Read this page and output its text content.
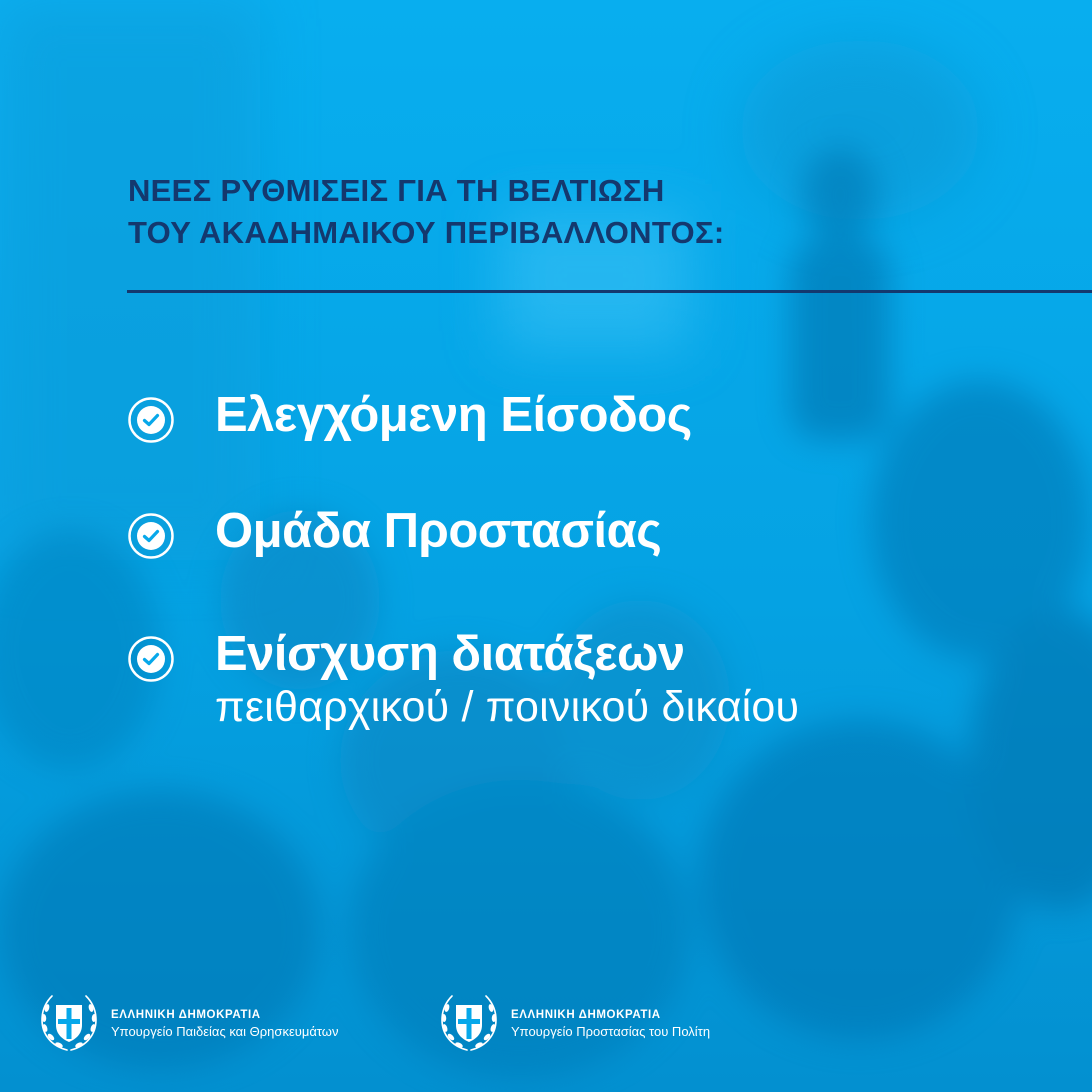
ΝΕΕΣ ΡΥΘΜΙΣΕΙΣ ΓΙΑ ΤΗ ΒΕΛΤΙΩΣΗ
ΤΟΥ ΑΚΑΔΗΜΑΙΚΟΥ ΠΕΡΙΒΑΛΛΟΝΤΟΣ:
Ελεγχόμενη Είσοδος
Ομάδα Προστασίας
Ενίσχυση διατάξεων
πειθαρχικού / ποινικού δικαίου
ΕΛΛΗΝΙΚΗ ΔΗΜΟΚΡΑΤΙΑ
Υπουργείο Παιδείας και Θρησκευμάτων
ΕΛΛΗΝΙΚΗ ΔΗΜΟΚΡΑΤΙΑ
Υπουργείο Προστασίας του Πολίτη
